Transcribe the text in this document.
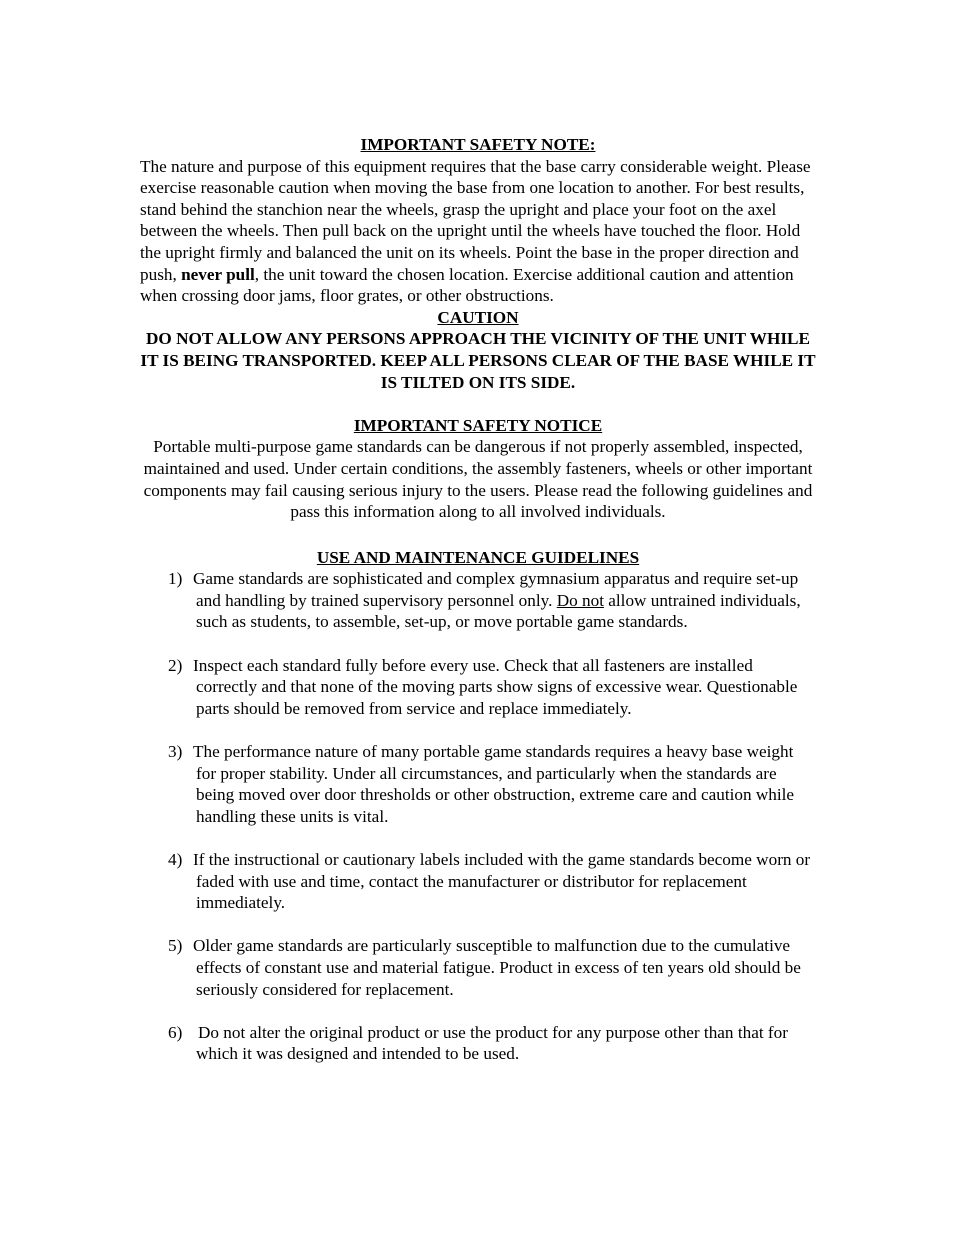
IMPORTANT SAFETY NOTE:
The nature and purpose of this equipment requires that the base carry considerable weight. Please exercise reasonable caution when moving the base from one location to another. For best results, stand behind the stanchion near the wheels, grasp the upright and place your foot on the axel between the wheels. Then pull back on the upright until the wheels have touched the floor. Hold the upright firmly and balanced the unit on its wheels. Point the base in the proper direction and push, never pull, the unit toward the chosen location. Exercise additional caution and attention when crossing door jams, floor grates, or other obstructions.
CAUTION
DO NOT ALLOW ANY PERSONS APPROACH THE VICINITY OF THE UNIT WHILE IT IS BEING TRANSPORTED. KEEP ALL PERSONS CLEAR OF THE BASE WHILE IT IS TILTED ON ITS SIDE.
IMPORTANT SAFETY NOTICE
Portable multi-purpose game standards can be dangerous if not properly assembled, inspected, maintained and used. Under certain conditions, the assembly fasteners, wheels or other important components may fail causing serious injury to the users. Please read the following guidelines and pass this information along to all involved individuals.
USE AND MAINTENANCE GUIDELINES
1) Game standards are sophisticated and complex gymnasium apparatus and require set-up and handling by trained supervisory personnel only. Do not allow untrained individuals, such as students, to assemble, set-up, or move portable game standards.
2) Inspect each standard fully before every use. Check that all fasteners are installed correctly and that none of the moving parts show signs of excessive wear. Questionable parts should be removed from service and replace immediately.
3) The performance nature of many portable game standards requires a heavy base weight for proper stability. Under all circumstances, and particularly when the standards are being moved over door thresholds or other obstruction, extreme care and caution while handling these units is vital.
4) If the instructional or cautionary labels included with the game standards become worn or faded with use and time, contact the manufacturer or distributor for replacement immediately.
5) Older game standards are particularly susceptible to malfunction due to the cumulative effects of constant use and material fatigue. Product in excess of ten years old should be seriously considered for replacement.
6) Do not alter the original product or use the product for any purpose other than that for which it was designed and intended to be used.
